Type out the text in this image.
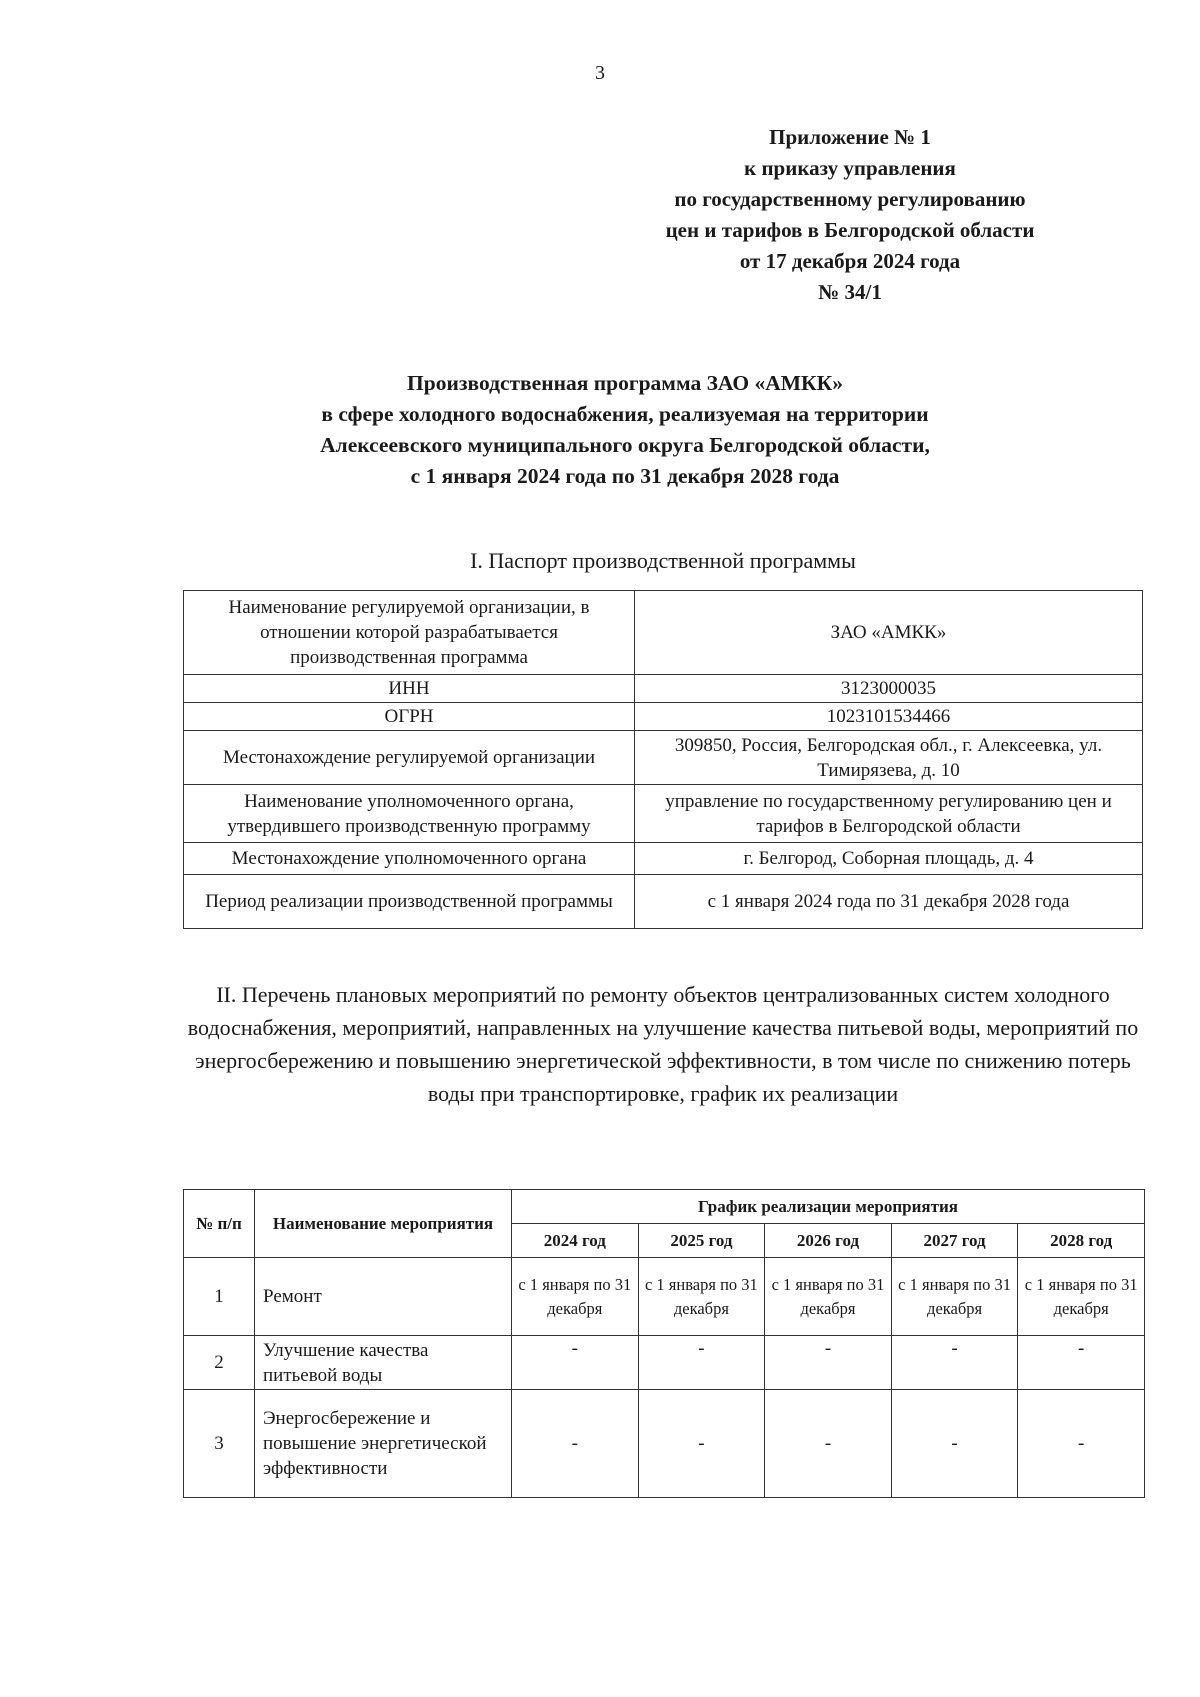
3
Приложение № 1
к приказу управления
по государственному регулированию
цен и тарифов в Белгородской области
от 17 декабря 2024 года
№ 34/1
Производственная программа ЗАО «АМКК»
в сфере холодного водоснабжения, реализуемая на территории
Алексеевского муниципального округа Белгородской области,
с 1 января 2024 года по 31 декабря 2028 года
I. Паспорт производственной программы
Наименование регулируемой организации, в отношении которой разрабатывается производственная программа	ЗАО «АМКК»
ИНН	3123000035
ОГРН	1023101534466
Местонахождение регулируемой организации	309850, Россия, Белгородская обл., г. Алексеевка, ул. Тимирязева, д. 10
Наименование уполномоченного органа, утвердившего производственную программу	управление по государственному регулированию цен и тарифов в Белгородской области
Местонахождение уполномоченного органа	г. Белгород, Соборная площадь, д. 4
Период реализации производственной программы	с 1 января 2024 года по 31 декабря 2028 года
II. Перечень плановых мероприятий по ремонту объектов централизованных систем холодного водоснабжения, мероприятий, направленных на улучшение качества питьевой воды, мероприятий по энергосбережению и повышению энергетической эффективности, в том числе по снижению потерь воды при транспортировке, график их реализации
№ п/п	Наименование мероприятия	График реализации мероприятия				
		2024 год	2025 год	2026 год	2027 год	2028 год
1	Ремонт	с 1 января по 31 декабря	с 1 января по 31 декабря	с 1 января по 31 декабря	с 1 января по 31 декабря	с 1 января по 31 декабря
2	Улучшение качества питьевой воды	-	-	-	-	-
3	Энергосбережение и повышение энергетической эффективности	-	-	-	-	-
